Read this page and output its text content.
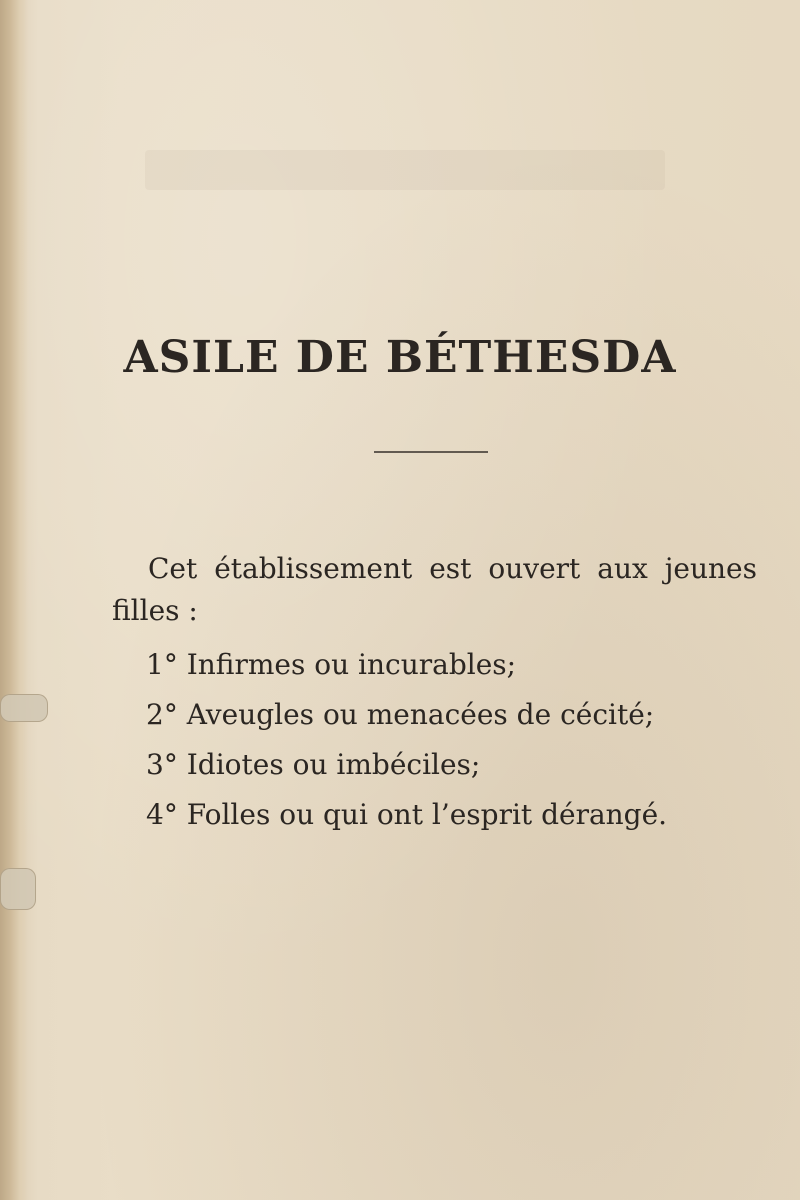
ASILE DE BÉTHESDA
Cet établissement est ouvert aux jeunes
filles :
1° Infirmes ou incurables;
2° Aveugles ou menacées de cécité;
3° Idiotes ou imbéciles;
4° Folles ou qui ont l’esprit dérangé.
